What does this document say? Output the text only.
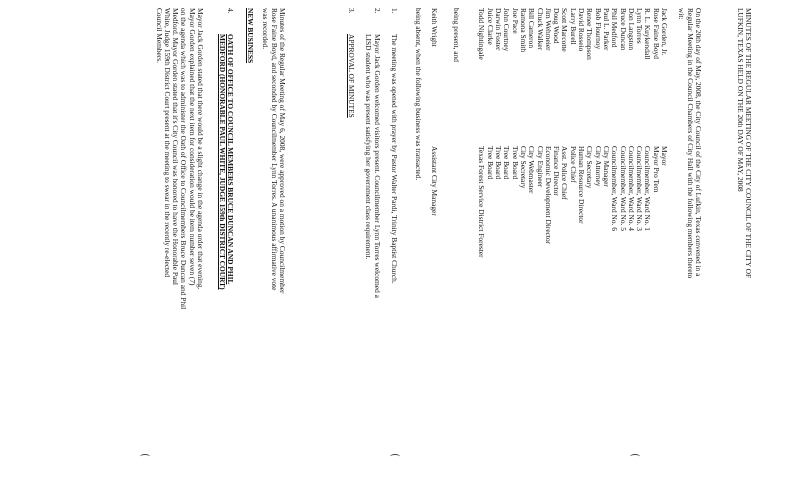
MINUTES OF THE REGULAR MEETING OF THE CITY COUNCIL OF THE CITY OF
LUFKIN, TEXAS HELD ON THE 20th DAY OF MAY, 2008
On the 20th day of May, 2008, the City Council of the City of Lufkin, Texas convened in a
Regular Meeting in the Council Chambers of City Hall with the following members thereto
wit:
Jack Gorden, Jr.
Mayor
Rose Faine Boyd
Mayor Pro Tem
R. L. Kuykendall
Councilmember, Ward No. 1
Lynn Torres
Councilmember, Ward No. 3
Don Langston
Councilmember, Ward No. 4
Bruce Duncan
Councilmember, Ward No. 5
Phil Medford
Councilmember, Ward No. 6
Paul L. Parker
City Manager
Bob Flournoy
City Attorney
Renee Thompson
City Secretary
David Rosseio
Human Resource Director
Larry Burell
Police Chief
Scott Marcotte
Asst. Police Chief
Doug Wood
Finance Director
Jim Wehmeier
Economic Development Director
Chuck Walker
City Engineer
Bill Cameron
City Webmaster
Ramona Smith
City Secretary
Joe Pace
Tree Board
John Courtney
Tree Board
Darwin Foster
Tree Board
Juice Clarke
Tree Board
Todd Nightingale
Texas Forest Service District Forester
being present, and
Keith Wright
Assistant City Manager
being absent, when the following business was transacted.
1.
The meeting was opened with prayer by Pastor Walter Pardi, Trinity Baptist Church.
2.
Mayor Jack Gorden welcomed visitors present. Councilmember Lynn Torres welcomed a
LISD student who was present satisfying her government class requirement.
3.
APPROVAL OF MINUTES
Minutes of the Regular Meeting of May 6, 2008, were approved on a motion by Councilmember
Rose Faine Boyd, and seconded by Councilmember Lynn Torres. A unanimous affirmative vote
was recorded.
NEW BUSINESS
4.
OATH OF OFFICE TO COUNCIL MEMBERS BRUCE DUNCAN AND PHIL
MEDFORD (HONORABLE PAUL WHITE, JUDGE 159th DISTRICT COURT)
Mayor Jack Gorden stated that there would be a slight change in the agenda order that evening.
Mayor Gorden explained that the next item for consideration would be item number seven (7)
on the agenda which was to administer the Oath of Office to Councilmembers Bruce Duncan and Phil
Medford. Mayor Gorden stated that it's City Council was honored to have the Honorable Paul
White, Judge 159th District Court present at the meeting to swear in the recently re-elected
Council Members.
